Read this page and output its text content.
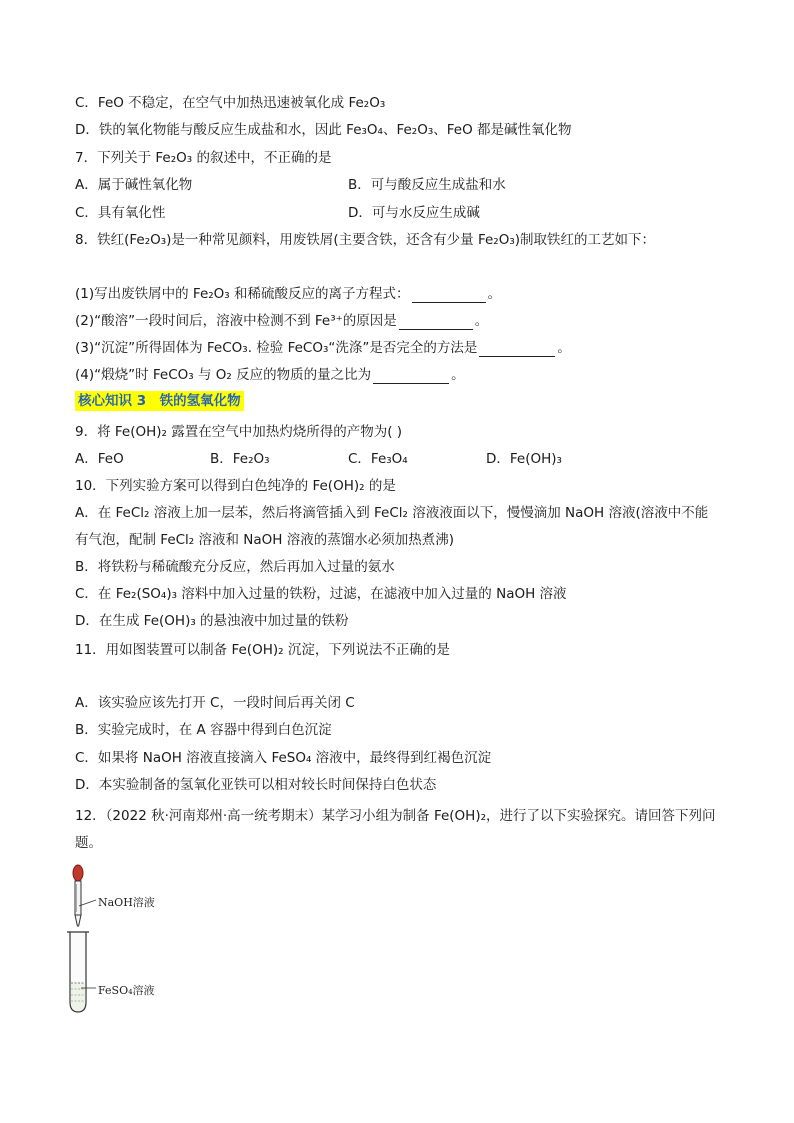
C．FeO 不稳定，在空气中加热迅速被氧化成 Fe₂O₃
D．铁的氧化物能与酸反应生成盐和水，因此 Fe₃O₄、Fe₂O₃、FeO 都是碱性氧化物
7．下列关于 Fe₂O₃ 的叙述中，不正确的是
A．属于碱性氧化物	B．可与酸反应生成盐和水
C．具有氧化性	D．可与水反应生成碱
8．铁红(Fe₂O₃)是一种常见颜料，用废铁屑(主要含铁，还含有少量 Fe₂O₃)制取铁红的工艺如下：
(1)写出废铁屑中的 Fe₂O₃ 和稀硫酸反应的离子方程式：	。
(2)“酸溶”一段时间后，溶液中检测不到 Fe³⁺的原因是	。
(3)“沉淀”所得固体为 FeCO₃. 检验 FeCO₃“洗涤”是否完全的方法是	。
(4)“煅烧”时 FeCO₃ 与 O₂ 反应的物质的量之比为	。
核心知识 3　铁的氢氧化物
9．将 Fe(OH)₂ 露置在空气中加热灼烧所得的产物为( )
A．FeO	B．Fe₂O₃	C．Fe₃O₄	D．Fe(OH)₃
10．下列实验方案可以得到白色纯净的 Fe(OH)₂ 的是
A．在 FeCl₂ 溶液上加一层苯，然后将滴管插入到 FeCl₂ 溶液液面以下，慢慢滴加 NaOH 溶液(溶液中不能
有气泡，配制 FeCl₂ 溶液和 NaOH 溶液的蒸馏水必须加热煮沸)
B．将铁粉与稀硫酸充分反应，然后再加入过量的氨水
C．在 Fe₂(SO₄)₃ 溶料中加入过量的铁粉，过滤，在滤液中加入过量的 NaOH 溶液
D．在生成 Fe(OH)₃ 的悬浊液中加过量的铁粉
11．用如图装置可以制备 Fe(OH)₂ 沉淀，下列说法不正确的是
A．该实验应该先打开 C，一段时间后再关闭 C
B．实验完成时，在 A 容器中得到白色沉淀
C．如果将 NaOH 溶液直接滴入 FeSO₄ 溶液中，最终得到红褐色沉淀
D．本实验制备的氢氧化亚铁可以相对较长时间保持白色状态
12．（2022 秋·河南郑州·高一统考期末）某学习小组为制备 Fe(OH)₂，进行了以下实验探究。请回答下列问
题。
NaOH溶液
FeSO₄溶液
